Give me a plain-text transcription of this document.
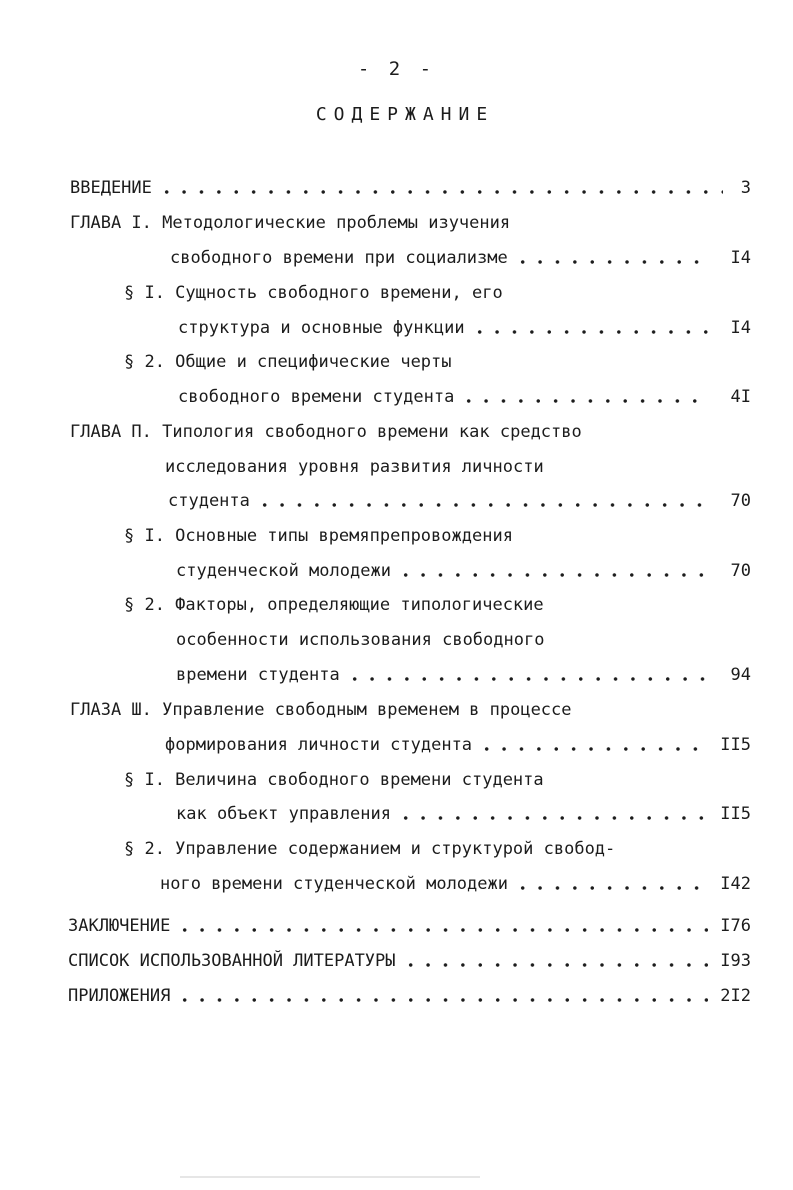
- 2 -
СОДЕРЖАНИЕ
ВВЕДЕНИЕ	3
ГЛАВА I. Методологические проблемы изучения
свободного времени при социализме	I4
§ I. Сущность свободного времени, его
структура и основные функции	I4
§ 2. Общие и специфические черты
свободного времени студента	4I
ГЛАВА П. Типология свободного времени как средство
исследования уровня развития личности
студента	70
§ I. Основные типы времяпрепровождения
студенческой молодежи	70
§ 2. Факторы, определяющие типологические
особенности использования свободного
времени студента	94
ГЛАЗА Ш. Управление свободным временем в процессе
формирования личности студента	II5
§ I. Величина свободного времени студента
как объект управления	II5
§ 2. Управление содержанием и структурой свобод-
ного времени студенческой молодежи	I42
ЗАКЛЮЧЕНИЕ	I76
СПИСОК ИСПОЛЬЗОВАННОЙ ЛИТЕРАТУРЫ	I93
ПРИЛОЖЕНИЯ	2I2
